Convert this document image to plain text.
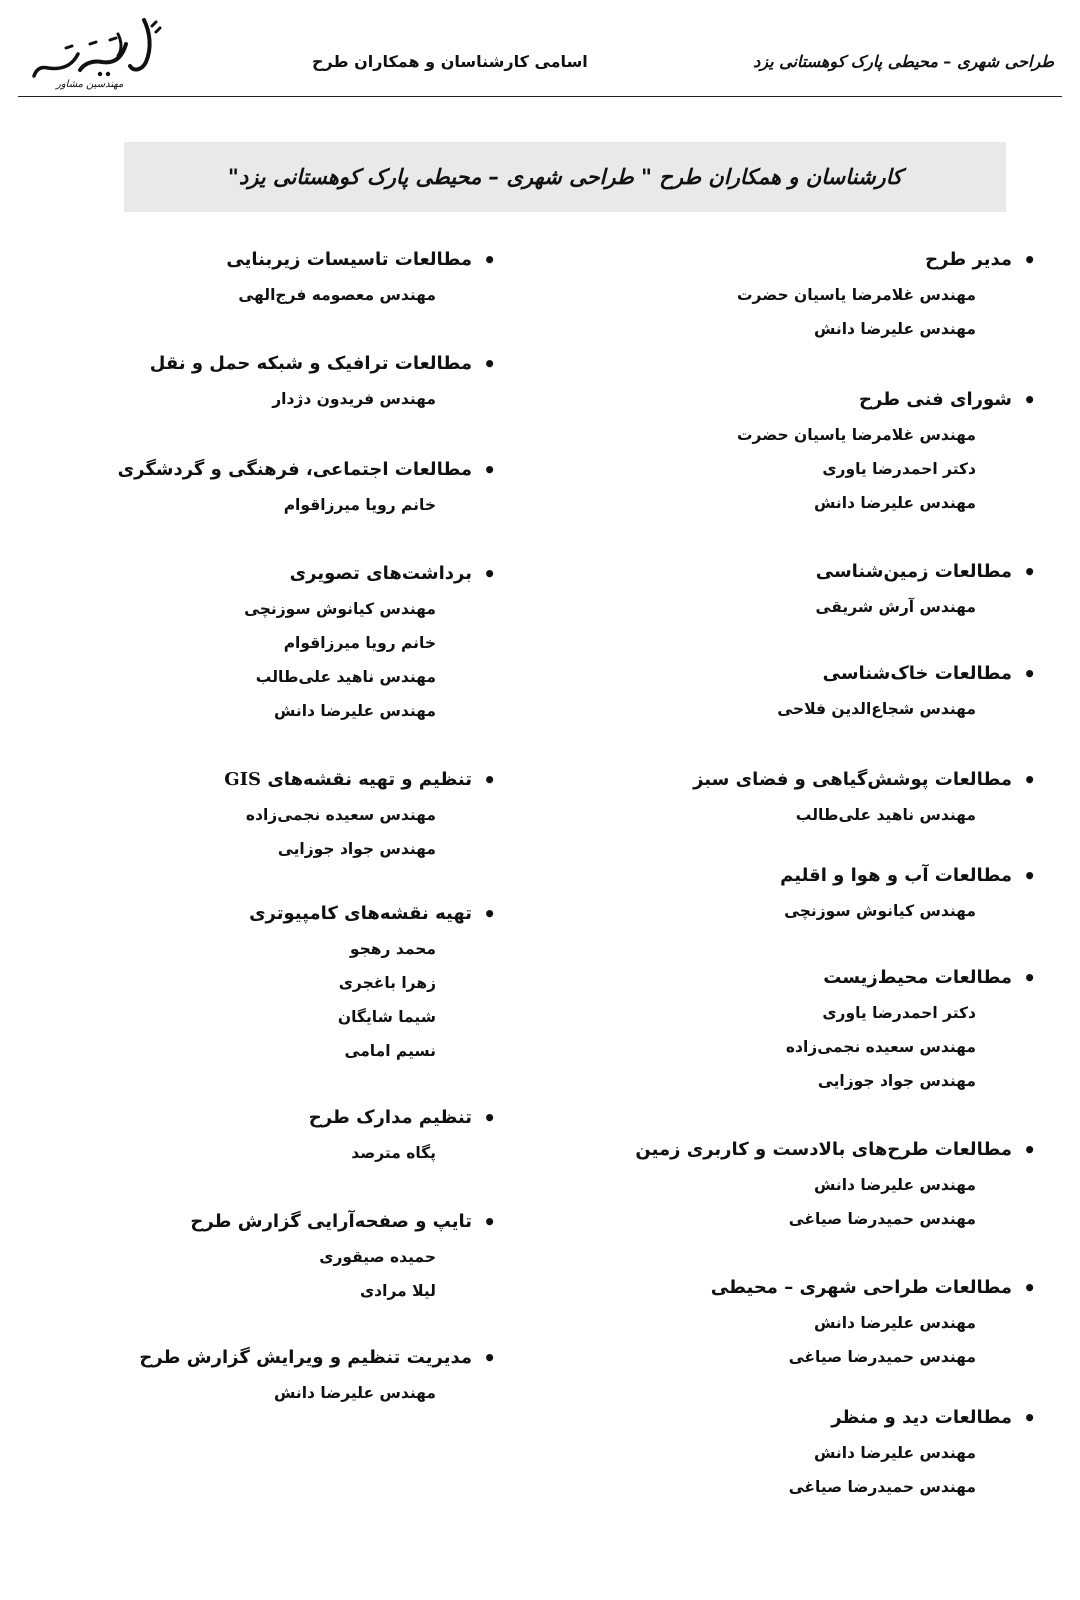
مهندسین مشاور
اسامی کارشناسان و همکاران طرح	طراحی شهری – محیطی پارک کوهستانی یزد
کارشناسان و همکاران طرح " طراحی شهری – محیطی پارک کوهستانی یزد"
•
مدیر طرح
مهندس غلامرضا یاسیان حضرت
مهندس علیرضا دانش
•
شورای فنی طرح
مهندس غلامرضا یاسیان حضرت
دکتر احمدرضا یاوری
مهندس علیرضا دانش
•
مطالعات زمین‌شناسی
مهندس آرش شریقی
•
مطالعات خاک‌شناسی
مهندس شجاع‌الدین فلاحی
•
مطالعات پوشش‌گیاهی و فضای سبز
مهندس ناهید علی‌طالب
•
مطالعات آب و هوا و اقلیم
مهندس کیانوش سوزنچی
•
مطالعات محیط‌زیست
دکتر احمدرضا یاوری
مهندس سعیده نجمی‌زاده
مهندس جواد جوزایی
•
مطالعات طرح‌های بالادست و کاربری زمین
مهندس علیرضا دانش
مهندس حمیدرضا صیاغی
•
مطالعات طراحی شهری – محیطی
مهندس علیرضا دانش
مهندس حمیدرضا صیاغی
•
مطالعات دید و منظر
مهندس علیرضا دانش
مهندس حمیدرضا صیاغی
•
مطالعات تاسیسات زیربنایی
مهندس معصومه فرج‌الهی
•
مطالعات ترافیک و شبکه حمل و نقل
مهندس فریدون دژدار
•
مطالعات اجتماعی، فرهنگی و گردشگری
خانم رویا میرزاقوام
•
برداشت‌های تصویری
مهندس کیانوش سوزنچی
خانم رویا میرزاقوام
مهندس ناهید علی‌طالب
مهندس علیرضا دانش
•
تنظیم و تهیه نقشه‌های GIS
مهندس سعیده نجمی‌زاده
مهندس جواد جوزایی
•
تهیه نقشه‌های کامپیوتری
محمد رهجو
زهرا باغجری
شیما شایگان
نسیم امامی
•
تنظیم مدارک طرح
پگاه مترصد
•
تایپ و صفحه‌آرایی گزارش طرح
حمیده صیقوری
لیلا مرادی
•
مدیریت تنظیم و ویرایش گزارش طرح
مهندس علیرضا دانش
